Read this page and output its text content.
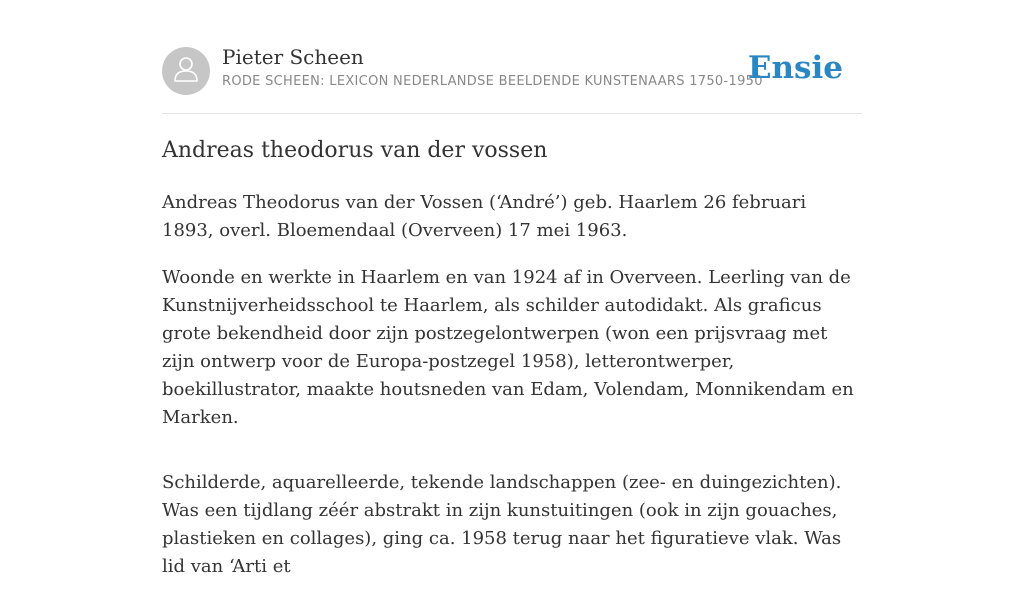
Pieter Scheen
RODE SCHEEN: LEXICON NEDERLANDSE BEELDENDE KUNSTENAARS 1750-1950
Ensie
Andreas theodorus van der vossen

Andreas Theodorus van der Vossen (‘André’) geb. Haarlem 26 februari 1893, overl. Bloemendaal (Overveen) 17 mei 1963.

Woonde en werkte in Haarlem en van 1924 af in Overveen. Leerling van de Kunstnijverheidsschool te Haarlem, als schilder autodidakt. Als graficus grote bekendheid door zijn postzegelontwerpen (won een prijsvraag met zijn ontwerp voor de Europa-postzegel 1958), letterontwerper, boekillustrator, maakte houtsneden van Edam, Volendam, Monnikendam en Marken.

Schilderde, aquarelleerde, tekende landschappen (zee- en duingezichten). Was een tijdlang zéér abstrakt in zijn kunstuitingen (ook in zijn gouaches, plastieken en collages), ging ca. 1958 terug naar het figuratieve vlak. Was lid van ‘Arti et
